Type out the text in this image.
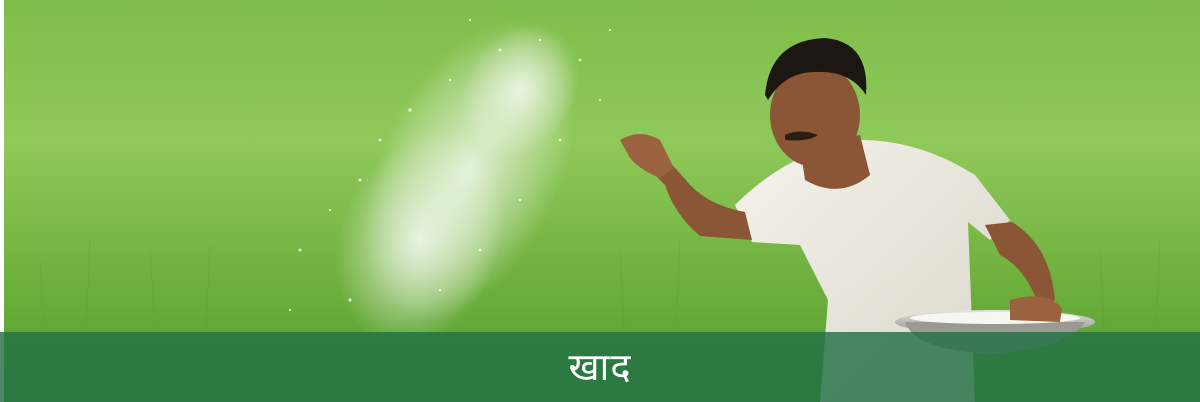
खाद
